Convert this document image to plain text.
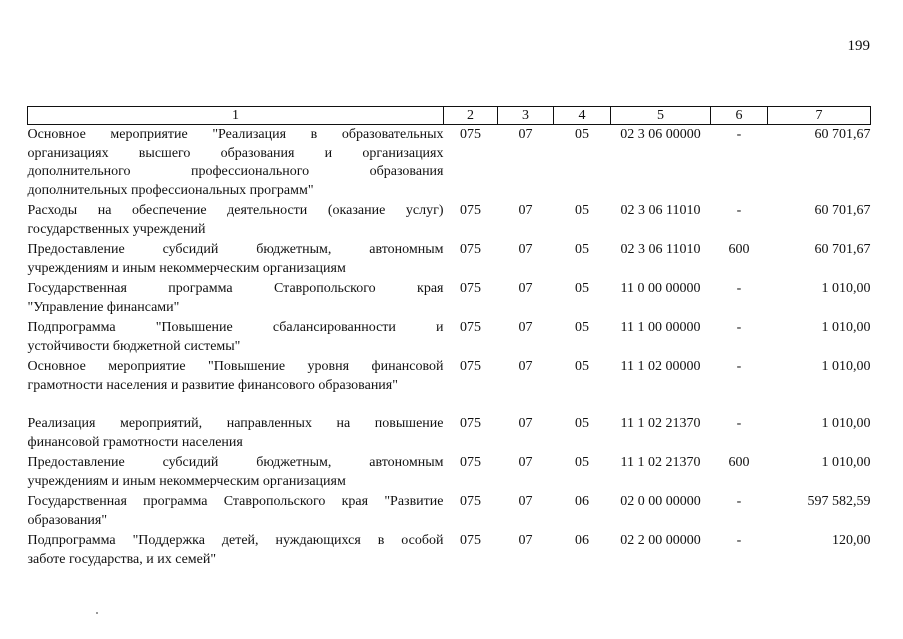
199
1	2	3	4	5	6	7

Основное мероприятие "Реализация в образовательных
организациях высшего образования и организациях
дополнительного профессионального образования
дополнительных профессиональных программ"	075	07	05	02 3 06 00000	-	60 701,67

Расходы на обеспечение деятельности (оказание услуг)
государственных учреждений	075	07	05	02 3 06 11010	-	60 701,67

Предоставление субсидий бюджетным, автономным
учреждениям и иным некоммерческим организациям	075	07	05	02 3 06 11010	600	60 701,67

Государственная программа Ставропольского края
"Управление финансами"	075	07	05	11 0 00 00000	-	1 010,00

Подпрограмма "Повышение сбалансированности и
устойчивости бюджетной системы"	075	07	05	11 1 00 00000	-	1 010,00

Основное мероприятие "Повышение уровня финансовой
грамотности населения и развитие финансового образования"	075	07	05	11 1 02 00000	-	1 010,00

Реализация мероприятий, направленных на повышение
финансовой грамотности населения	075	07	05	11 1 02 21370	-	1 010,00

Предоставление субсидий бюджетным, автономным
учреждениям и иным некоммерческим организациям	075	07	05	11 1 02 21370	600	1 010,00

Государственная программа Ставропольского края "Развитие
образования"	075	07	06	02 0 00 00000	-	597 582,59

Подпрограмма "Поддержка детей, нуждающихся в особой
заботе государства, и их семей"	075	07	06	02 2 00 00000	-	120,00
